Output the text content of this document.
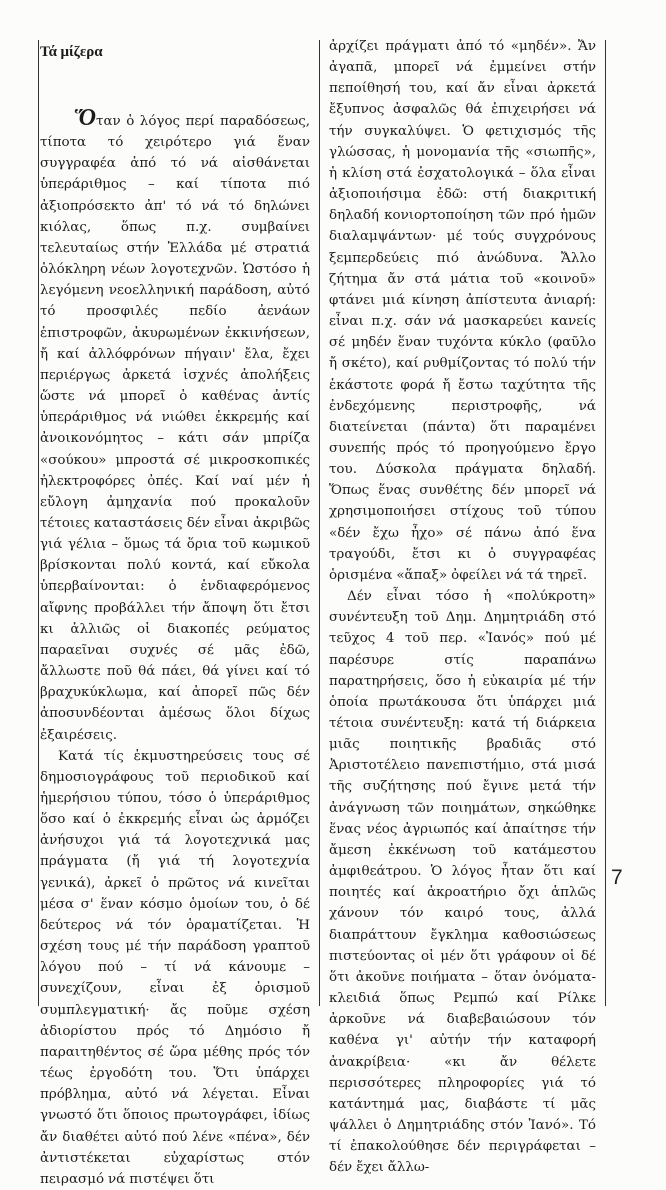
Τά μίζερα

Ὅταν ὁ λόγος περί παραδόσεως, τίποτα τό χειρότερο γιά ἕναν συγγραφέα ἀπό τό νά αἰσθάνεται ὑπεράριθμος – καί τίποτα πιό ἀξιοπρόσεκτο ἀπ' τό νά τό δηλώνει κιόλας, ὅπως π.χ. συμβαίνει τελευταίως στήν Ἑλλάδα μέ στρατιά ὁλόκληρη νέων λογοτεχνῶν. Ὡστόσο ἡ λεγόμενη νεοελληνική παράδοση, αὐτό τό προσφιλές πεδίο ἀενάων ἐπιστροφῶν, ἀκυρωμένων ἐκκινήσεων, ἤ καί ἀλλόφρόνων πήγαιν' ἔλα, ἔχει περιέργως ἀρκετά ἰσχνές ἀπολήξεις ὥστε νά μπορεῖ ὁ καθένας ἀντίς ὑπεράριθμος νά νιώθει ἐκκρεμής καί ἀνοικονόμητος – κάτι σάν μπρίζα «σούκου» μπροστά σέ μικροσκοπικές ἠλεκτροφόρες ὀπές. Καί ναί μέν ἡ εὔλογη ἀμηχανία πού προκαλοῦν τέτοιες καταστάσεις δέν εἶναι ἀκριβῶς γιά γέλια – ὅμως τά ὅρια τοῦ κωμικοῦ βρίσκονται πολύ κοντά, καί εὔκολα ὑπερβαίνονται: ὁ ἐνδιαφερόμενος αἴφνης προβάλλει τήν ἄποψη ὅτι ἔτσι κι ἀλλιῶς οἱ διακοπές ρεύματος παραεῖναι συχνές σέ μᾶς ἐδῶ, ἄλλωστε ποῦ θά πάει, θά γίνει καί τό βραχυκύκλωμα, καί ἀπορεῖ πῶς δέν ἀποσυνδέονται ἀμέσως ὅλοι δίχως ἐξαιρέσεις.

Κατά τίς ἐκμυστηρεύσεις τους σέ δημοσιογράφους τοῦ περιοδικοῦ καί ἡμερήσιου τύπου, τόσο ὁ ὑπεράριθμος ὅσο καί ὁ ἐκκρεμής εἶναι ὡς ἁρμόζει ἀνήσυχοι γιά τά λογοτεχνικά μας πράγματα (ἤ γιά τή λογοτεχνία γενικά), ἀρκεῖ ὁ πρῶτος νά κινεῖται μέσα σ' ἕναν κόσμο ὁμοίων του, ὁ δέ δεύτερος νά τόν ὁραματίζεται. Ἡ σχέση τους μέ τήν παράδοση γραπτοῦ λόγου πού – τί νά κάνουμε – συνεχίζουν, εἶναι ἐξ ὁρισμοῦ συμπλεγματική· ἄς ποῦμε σχέση ἀδιορίστου πρός τό Δημόσιο ἤ παραιτηθέντος σέ ὥρα μέθης πρός τόν τέως ἐργοδότη του. Ὅτι ὑπάρχει πρόβλημα, αὐτό νά λέγεται. Εἶναι γνωστό ὅτι ὅποιος πρωτογράφει, ἰδίως ἄν διαθέτει αὐτό πού λένε «πένα», δέν ἀντιστέκεται εὐχαρίστως στόν πειρασμό νά πιστέψει ὅτι

ἀρχίζει πράγματι ἀπό τό «μηδέν». Ἄν ἀγαπᾶ, μπορεῖ νά ἐμμείνει στήν πεποίθησή του, καί ἄν εἶναι ἀρκετά ἔξυπνος ἀσφαλῶς θά ἐπιχειρήσει νά τήν συγκαλύψει. Ὁ φετιχισμός τῆς γλώσσας, ἡ μονομανία τῆς «σιωπῆς», ἡ κλίση στά ἐσχατολογικά – ὅλα εἶναι ἀξιοποιήσιμα ἐδῶ: στή διακριτική δηλαδή κονιορτοποίηση τῶν πρό ἡμῶν διαλαμψάντων· μέ τούς συγχρόνους ξεμπερδεύεις πιό ἀνώδυνα. Ἄλλο ζήτημα ἄν στά μάτια τοῦ «κοινοῦ» φτάνει μιά κίνηση ἀπίστευτα ἀνιαρή: εἶναι π.χ. σάν νά μασκαρεύει κανείς σέ μηδέν ἕναν τυχόντα κύκλο (φαῦλο ἤ σκέτο), καί ρυθμίζοντας τό πολύ τήν ἑκάστοτε φορά ἤ ἔστω ταχύτητα τῆς ἐνδεχόμενης περιστροφῆς, νά διατείνεται (πάντα) ὅτι παραμένει συνεπής πρός τό προηγούμενο ἔργο του. Δύσκολα πράγματα δηλαδή. Ὅπως ἕνας συνθέτης δέν μπορεῖ νά χρησιμοποιήσει στίχους τοῦ τύπου «δέν ἔχω ἦχο» σέ πάνω ἀπό ἕνα τραγούδι, ἔτσι κι ὁ συγγραφέας ὁρισμένα «ἅπαξ» ὀφείλει νά τά τηρεῖ.

Δέν εἶναι τόσο ἡ «πολύκροτη» συνέντευξη τοῦ Δημ. Δημητριάδη στό τεῦχος 4 τοῦ περ. «Ἰανός» πού μέ παρέσυρε στίς παραπάνω παρατηρήσεις, ὅσο ἡ εὐκαιρία μέ τήν ὁποία πρωτάκουσα ὅτι ὑπάρχει μιά τέτοια συνέντευξη: κατά τή διάρκεια μιᾶς ποιητικῆς βραδιᾶς στό Ἀριστοτέλειο πανεπιστήμιο, στά μισά τῆς συζήτησης πού ἔγινε μετά τήν ἀνάγνωση τῶν ποιημάτων, σηκώθηκε ἕνας νέος ἀγριωπός καί ἀπαίτησε τήν ἄμεση ἐκκένωση τοῦ κατάμεστου ἀμφιθεάτρου. Ὁ λόγος ἦταν ὅτι καί ποιητές καί ἀκροατήριο ὄχι ἁπλῶς χάνουν τόν καιρό τους, ἀλλά διαπράττουν ἔγκλημα καθοσιώσεως πιστεύοντας οἱ μέν ὅτι γράφουν οἱ δέ ὅτι ἀκοῦνε ποιήματα – ὅταν ὀνόματα-κλειδιά ὅπως Ρεμπώ καί Ρίλκε ἀρκοῦνε νά διαβεβαιώσουν τόν καθένα γι' αὐτήν τήν καταφορή ἀνακρίβεια· «κι ἄν θέλετε περισσότερες πληροφορίες γιά τό κατάντημά μας, διαβάστε τί μᾶς ψάλλει ὁ Δημητριάδης στόν Ἰανό». Τό τί ἐπακολούθησε δέν περιγράφεται – δέν ἔχει ἄλλω-

7
